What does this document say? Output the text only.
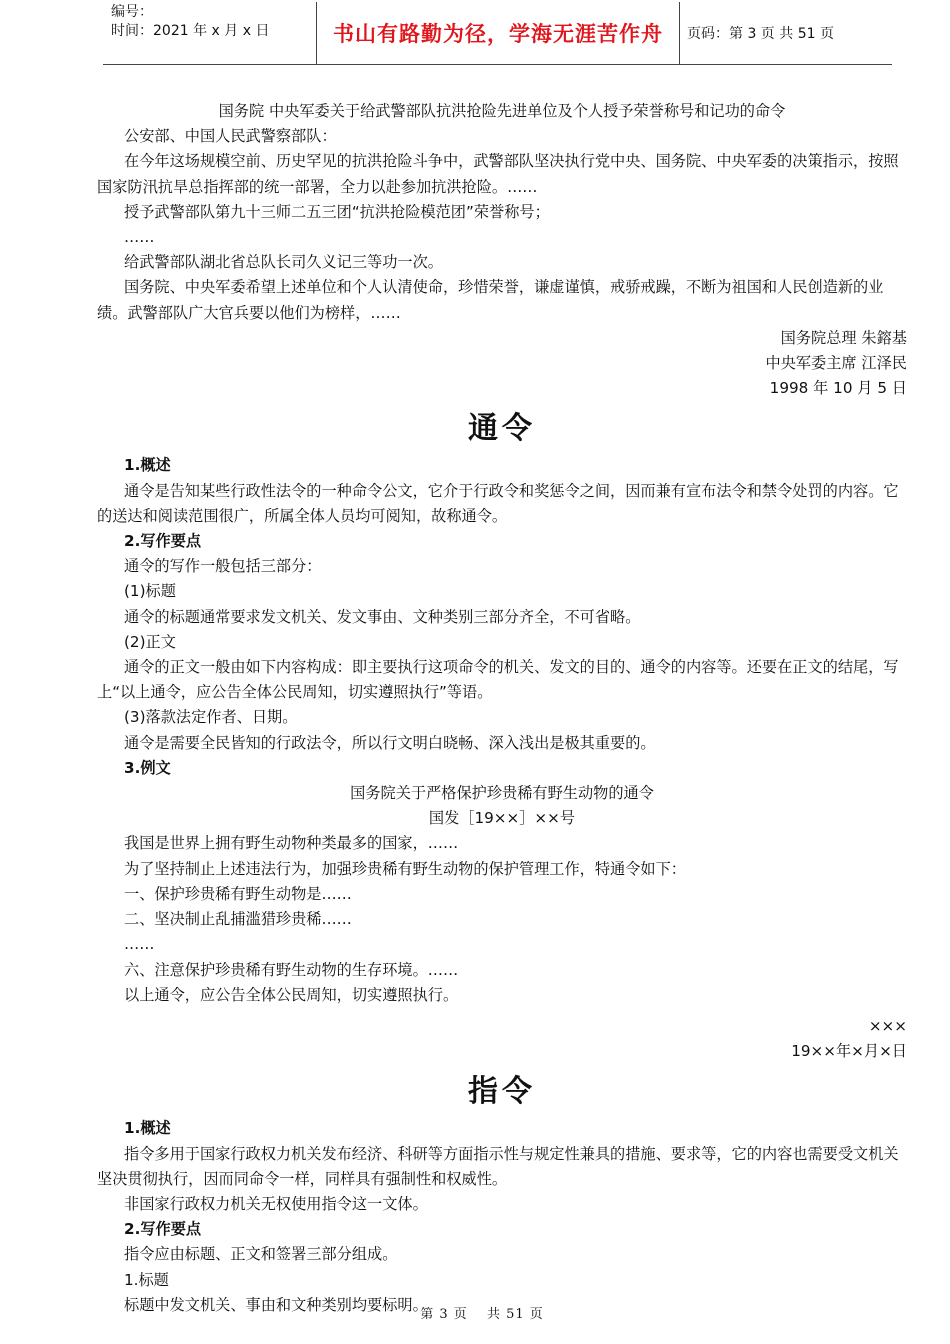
编号：
时间：2021 年 x 月 x 日	书山有路勤为径，学海无涯苦作舟	页码：第 3 页 共 51 页

国务院 中央军委关于给武警部队抗洪抢险先进单位及个人授予荣誉称号和记功的命令

公安部、中国人民武警察部队：

在今年这场规模空前、历史罕见的抗洪抢险斗争中，武警部队坚决执行党中央、国务院、中央军委的决策指示，按照国家防汛抗旱总指挥部的统一部署，全力以赴参加抗洪抢险。……

授予武警部队第九十三师二五三团“抗洪抢险模范团”荣誉称号；

……

给武警部队湖北省总队长司久义记三等功一次。

国务院、中央军委希望上述单位和个人认清使命，珍惜荣誉，谦虚谨慎，戒骄戒躁，不断为祖国和人民创造新的业绩。武警部队广大官兵要以他们为榜样，……

国务院总理 朱鎔基

中央军委主席 江泽民

1998 年 10 月 5 日

通令

1.概述

通令是告知某些行政性法令的一种命令公文，它介于行政令和奖惩令之间，因而兼有宣布法令和禁令处罚的内容。它的送达和阅读范围很广，所属全体人员均可阅知，故称通令。

2.写作要点

通令的写作一般包括三部分：

(1)标题

通令的标题通常要求发文机关、发文事由、文种类别三部分齐全，不可省略。

(2)正文

通令的正文一般由如下内容构成：即主要执行这项命令的机关、发文的目的、通令的内容等。还要在正文的结尾，写上“以上通令，应公告全体公民周知，切实遵照执行”等语。

(3)落款法定作者、日期。

通令是需要全民皆知的行政法令，所以行文明白晓畅、深入浅出是极其重要的。

3.例文

国务院关于严格保护珍贵稀有野生动物的通令

国发［19××］××号

我国是世界上拥有野生动物种类最多的国家，……

为了坚持制止上述违法行为，加强珍贵稀有野生动物的保护管理工作，特通令如下：

一、保护珍贵稀有野生动物是……

二、坚决制止乱捕滥猎珍贵稀……

……

六、注意保护珍贵稀有野生动物的生存环境。……

以上通令，应公告全体公民周知，切实遵照执行。

×××

19××年×月×日

指令

1.概述

指令多用于国家行政权力机关发布经济、科研等方面指示性与规定性兼具的措施、要求等，它的内容也需要受文机关坚决贯彻执行，因而同命令一样，同样具有强制性和权威性。

非国家行政权力机关无权使用指令这一文体。

2.写作要点

指令应由标题、正文和签署三部分组成。

1.标题

标题中发文机关、事由和文种类别均要标明。

第 3 页 共 51 页
